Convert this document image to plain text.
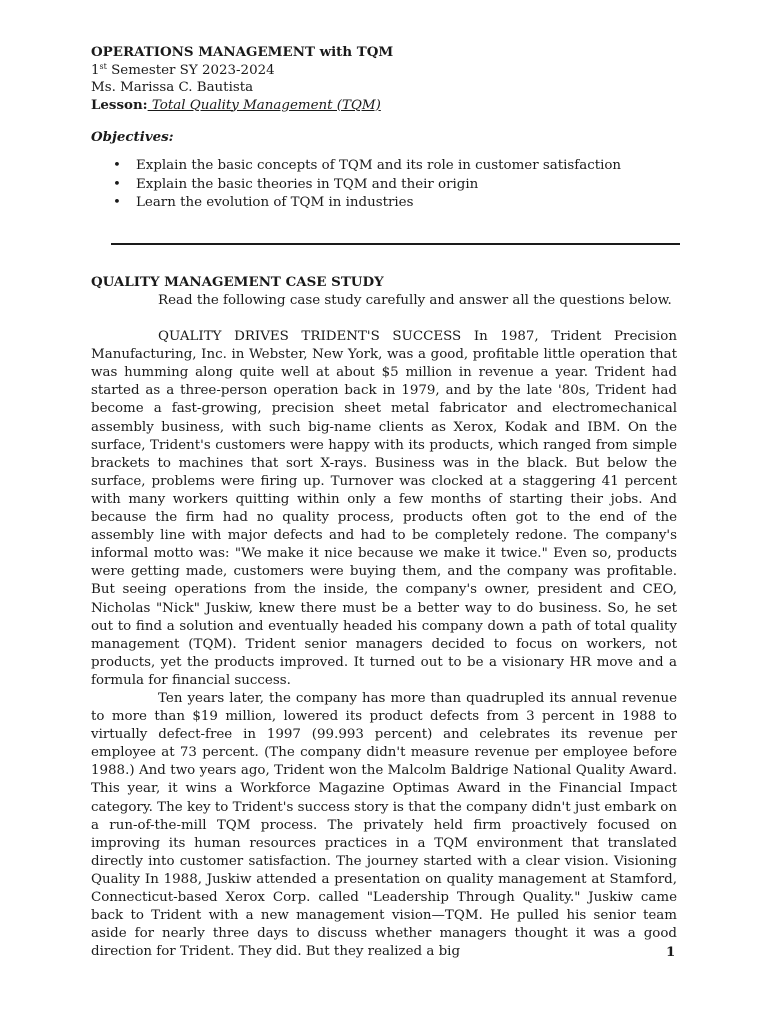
OPERATIONS MANAGEMENT with TQM
1st Semester SY 2023-2024
Ms. Marissa C. Bautista
Lesson: Total Quality Management (TQM)
Objectives:
• Explain the basic concepts of TQM and its role in customer satisfaction
• Explain the basic theories in TQM and their origin
• Learn the evolution of TQM in industries
QUALITY MANAGEMENT CASE STUDY

Read the following case study carefully and answer all the questions below.

QUALITY DRIVES TRIDENT'S SUCCESS In 1987, Trident Precision Manufacturing, Inc. in Webster, New York, was a good, profitable little operation that was humming along quite well at about $5 million in revenue a year. Trident had started as a three-person operation back in 1979, and by the late '80s, Trident had become a fast-growing, precision sheet metal fabricator and electromechanical assembly business, with such big-name clients as Xerox, Kodak and IBM. On the surface, Trident's customers were happy with its products, which ranged from simple brackets to machines that sort X-rays. Business was in the black. But below the surface, problems were firing up. Turnover was clocked at a staggering 41 percent with many workers quitting within only a few months of starting their jobs. And because the firm had no quality process, products often got to the end of the assembly line with major defects and had to be completely redone. The company's informal motto was: "We make it nice because we make it twice." Even so, products were getting made, customers were buying them, and the company was profitable. But seeing operations from the inside, the company's owner, president and CEO, Nicholas "Nick" Juskiw, knew there must be a better way to do business. So, he set out to find a solution and eventually headed his company down a path of total quality management (TQM). Trident senior managers decided to focus on workers, not products, yet the products improved. It turned out to be a visionary HR move and a formula for financial success.

Ten years later, the company has more than quadrupled its annual revenue to more than $19 million, lowered its product defects from 3 percent in 1988 to virtually defect-free in 1997 (99.993 percent) and celebrates its revenue per employee at 73 percent. (The company didn't measure revenue per employee before 1988.) And two years ago, Trident won the Malcolm Baldrige National Quality Award. This year, it wins a Workforce Magazine Optimas Award in the Financial Impact category. The key to Trident's success story is that the company didn't just embark on a run-of-the-mill TQM process. The privately held firm proactively focused on improving its human resources practices in a TQM environment that translated directly into customer satisfaction. The journey started with a clear vision. Visioning Quality In 1988, Juskiw attended a presentation on quality management at Stamford, Connecticut-based Xerox Corp. called "Leadership Through Quality." Juskiw came back to Trident with a new management vision—TQM. He pulled his senior team aside for nearly three days to discuss whether managers thought it was a good direction for Trident. They did. But they realized a big	1
